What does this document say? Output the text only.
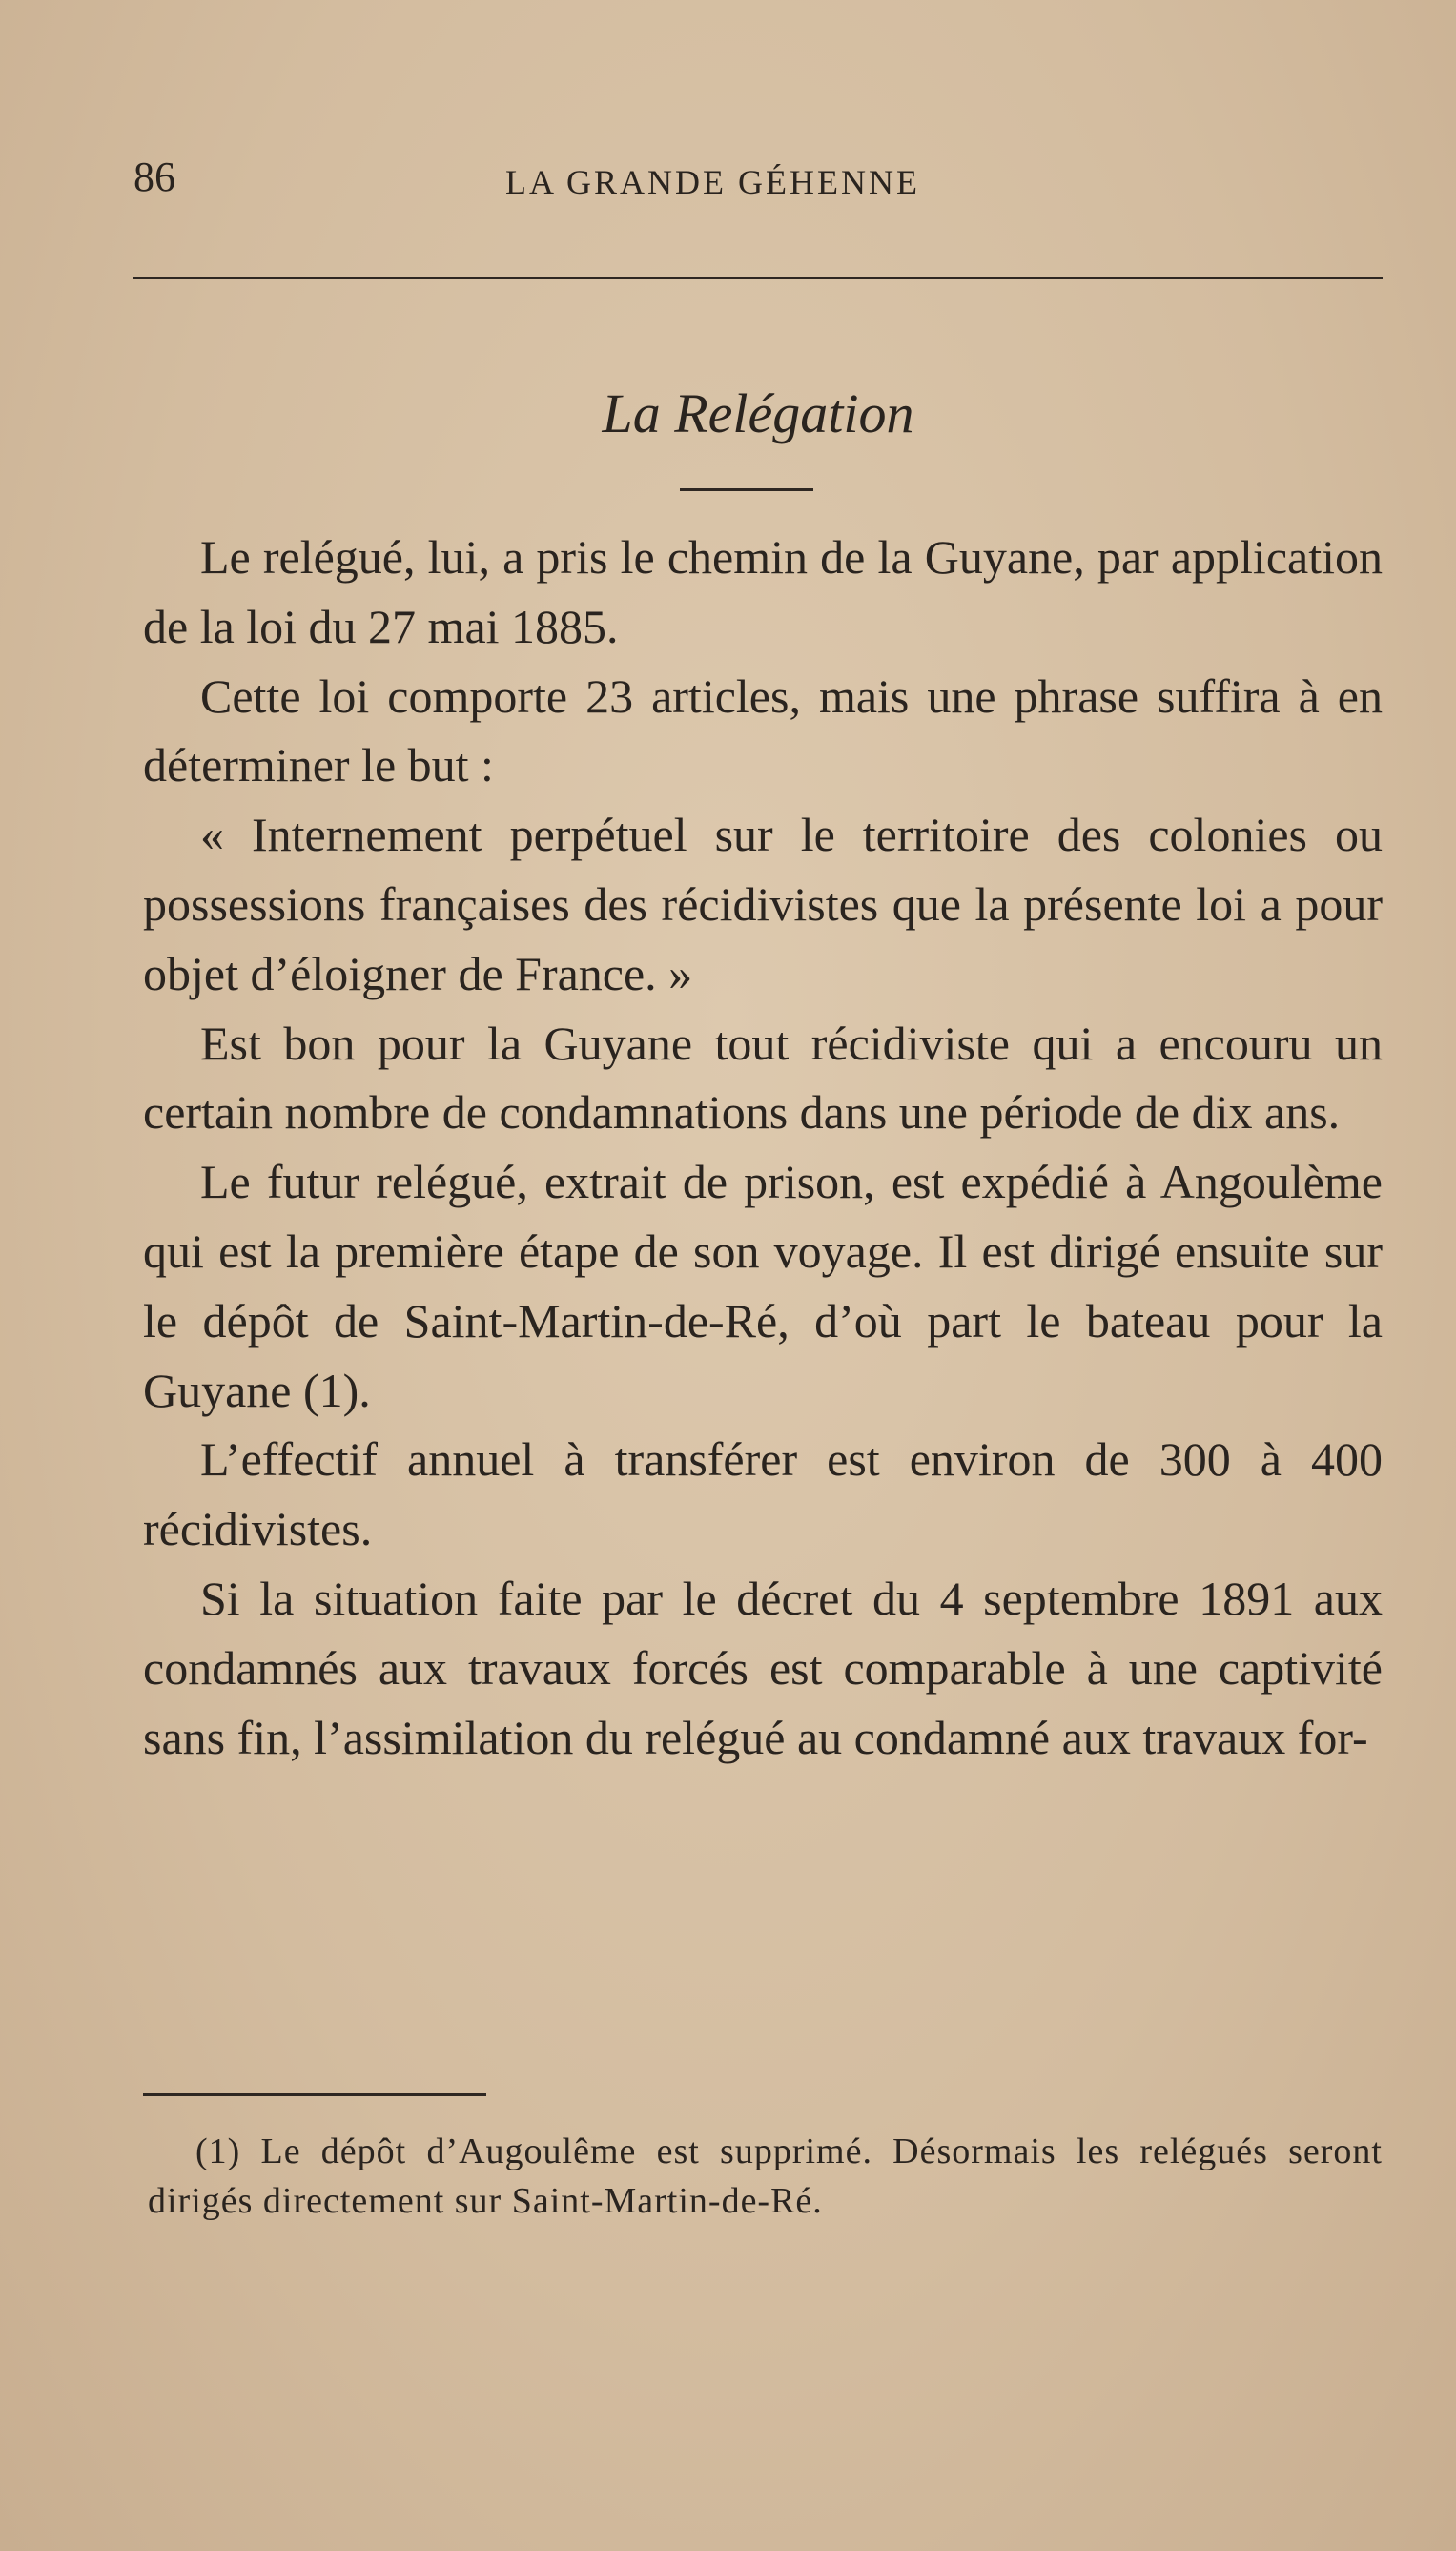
86	LA GRANDE GÉHENNE
La Relégation

Le relégué, lui, a pris le chemin de la Guyane, par application de la loi du 27 mai 1885.

Cette loi comporte 23 articles, mais une phrase suffira à en déterminer le but :

« Internement perpétuel sur le territoire des colonies ou possessions françaises des récidivistes que la présente loi a pour objet d’éloigner de France. »

Est bon pour la Guyane tout récidiviste qui a encouru un certain nombre de condamnations dans une période de dix ans.

Le futur relégué, extrait de prison, est expédié à Angoulème qui est la première étape de son voyage. Il est dirigé ensuite sur le dépôt de Saint-Martin-de-Ré, d’où part le bateau pour la Guyane (1).

L’effectif annuel à transférer est environ de 300 à 400 récidivistes.

Si la situation faite par le décret du 4 septembre 1891 aux condamnés aux travaux forcés est comparable à une captivité sans fin, l’assimilation du relégué au condamné aux travaux for-

(1) Le dépôt d’Augoulême est supprimé. Désormais les relégués seront dirigés directement sur Saint-Martin-de-Ré.
